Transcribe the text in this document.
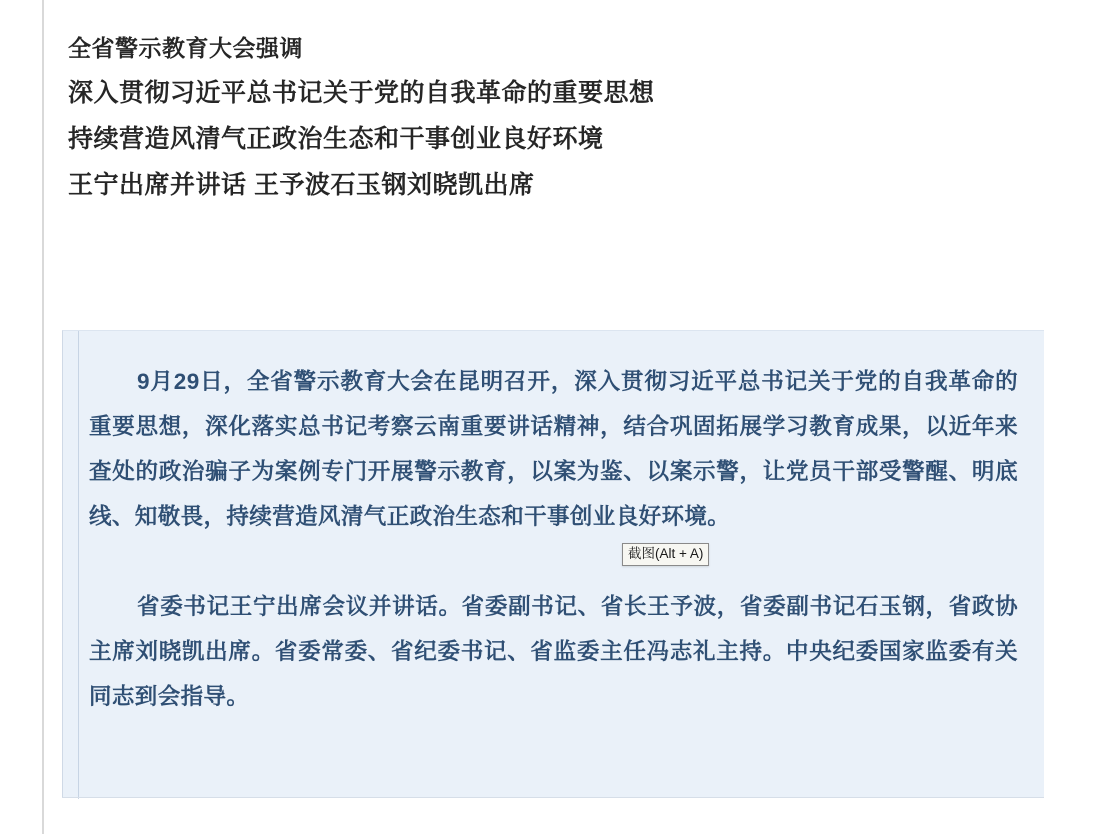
全省警示教育大会强调
深入贯彻习近平总书记关于党的自我革命的重要思想
持续营造风清气正政治生态和干事创业良好环境
王宁出席并讲话 王予波石玉钢刘晓凯出席

9月29日，全省警示教育大会在昆明召开，深入贯彻习近平总书记关于党的自我革命的重要思想，深化落实总书记考察云南重要讲话精神，结合巩固拓展学习教育成果，以近年来查处的政治骗子为案例专门开展警示教育，以案为鉴、以案示警，让党员干部受警醒、明底线、知敬畏，持续营造风清气正政治生态和干事创业良好环境。

省委书记王宁出席会议并讲话。省委副书记、省长王予波，省委副书记石玉钢，省政协主席刘晓凯出席。省委常委、省纪委书记、省监委主任冯志礼主持。中央纪委国家监委有关同志到会指导。

截图(Alt + A)
